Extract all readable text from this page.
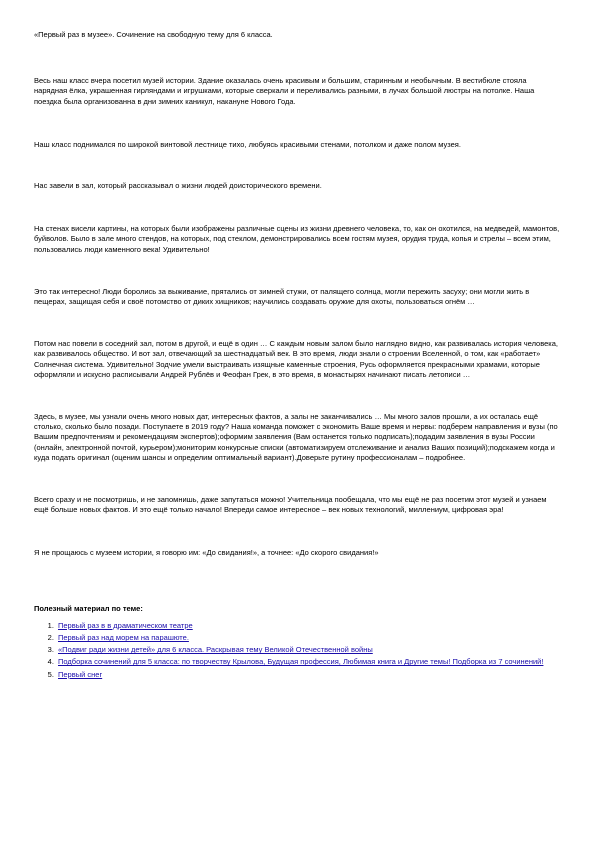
«Первый раз в музее». Сочинение на свободную тему для 6 класса.

Весь наш класс вчера посетил музей истории. Здание оказалась очень красивым и большим, старинным и необычным. В вестибюле стояла нарядная ёлка, украшенная гирляндами и игрушками, которые сверкали и переливались разными, в лучах большой люстры на потолке. Наша поездка была организованна в дни зимних каникул, накануне Нового Года.

Наш класс поднимался по широкой винтовой лестнице тихо, любуясь красивыми стенами, потолком и даже полом музея.

Нас завели в зал, который рассказывал о жизни людей доисторического времени.

На стенах висели картины, на которых были изображены различные сцены из жизни древнего человека, то, как он охотился, на медведей, мамонтов, буйволов. Было в зале много стендов, на которых, под стеклом, демонстрировались всем гостям музея, орудия труда, копья и стрелы – всем этим, пользовались люди каменного века! Удивительно!

Это так интересно! Люди боролись за выживание, прятались от зимней стужи, от палящего солнца, могли пережить засуху; они могли жить в пещерах, защищая себя и своё потомство от диких хищников; научились создавать оружие для охоты, пользоваться огнём …

Потом нас повели в соседний зал, потом в другой, и ещё в один … С каждым новым залом было наглядно видно, как развивалась история человека, как развивалось общество. И вот зал, отвечающий за шестнадцатый век. В это время, люди знали о строении Вселенной, о том, как «работает» Солнечная система. Удивительно! Зодчие умели выстраивать изящные каменные строения, Русь оформляется прекрасными храмами, которые оформляли и искусно расписывали Андрей Рублёв и Феофан Грек, в это время, в монастырях начинают писать летописи …

Здесь, в музее, мы узнали очень много новых дат, интересных фактов, а залы не заканчивались … Мы много залов прошли, а их осталась ещё столько, сколько было позади. Поступаете в 2019 году? Наша команда поможет с экономить Ваше время и нервы: подберем направления и вузы (по Вашим предпочтениям и рекомендациям экспертов);оформим заявления (Вам останется только подписать);подадим заявления в вузы России (онлайн, электронной почтой, курьером);мониторим конкурсные списки (автоматизируем отслеживание и анализ Ваших позиций);подскажем когда и куда подать оригинал (оценим шансы и определим оптимальный вариант).Доверьте рутину профессионалам – подробнее.

Всего сразу и не посмотришь, и не запомнишь, даже запутаться можно! Учительница пообещала, что мы ещё не раз посетим этот музей и узнаем ещё больше новых фактов. И это ещё только начало! Впереди самое интересное – век новых технологий, миллениум, цифровая эра!

Я не прощаюсь с музеем истории, я говорю им: «До свидания!», а точнее: «До скорого свидания!»

Полезный материал по теме:
1. Первый раз в в драматическом театре
2. Первый раз над морем на парашюте.
3. «Подвиг ради жизни детей» для 6 класса. Раскрывая тему Великой Отечественной войны
4. Подборка сочинений для 5 класса: по творчеству Крылова, Будущая профессия, Любимая книга и Другие темы! Подборка из 7 сочинений!
5. Первый снег
